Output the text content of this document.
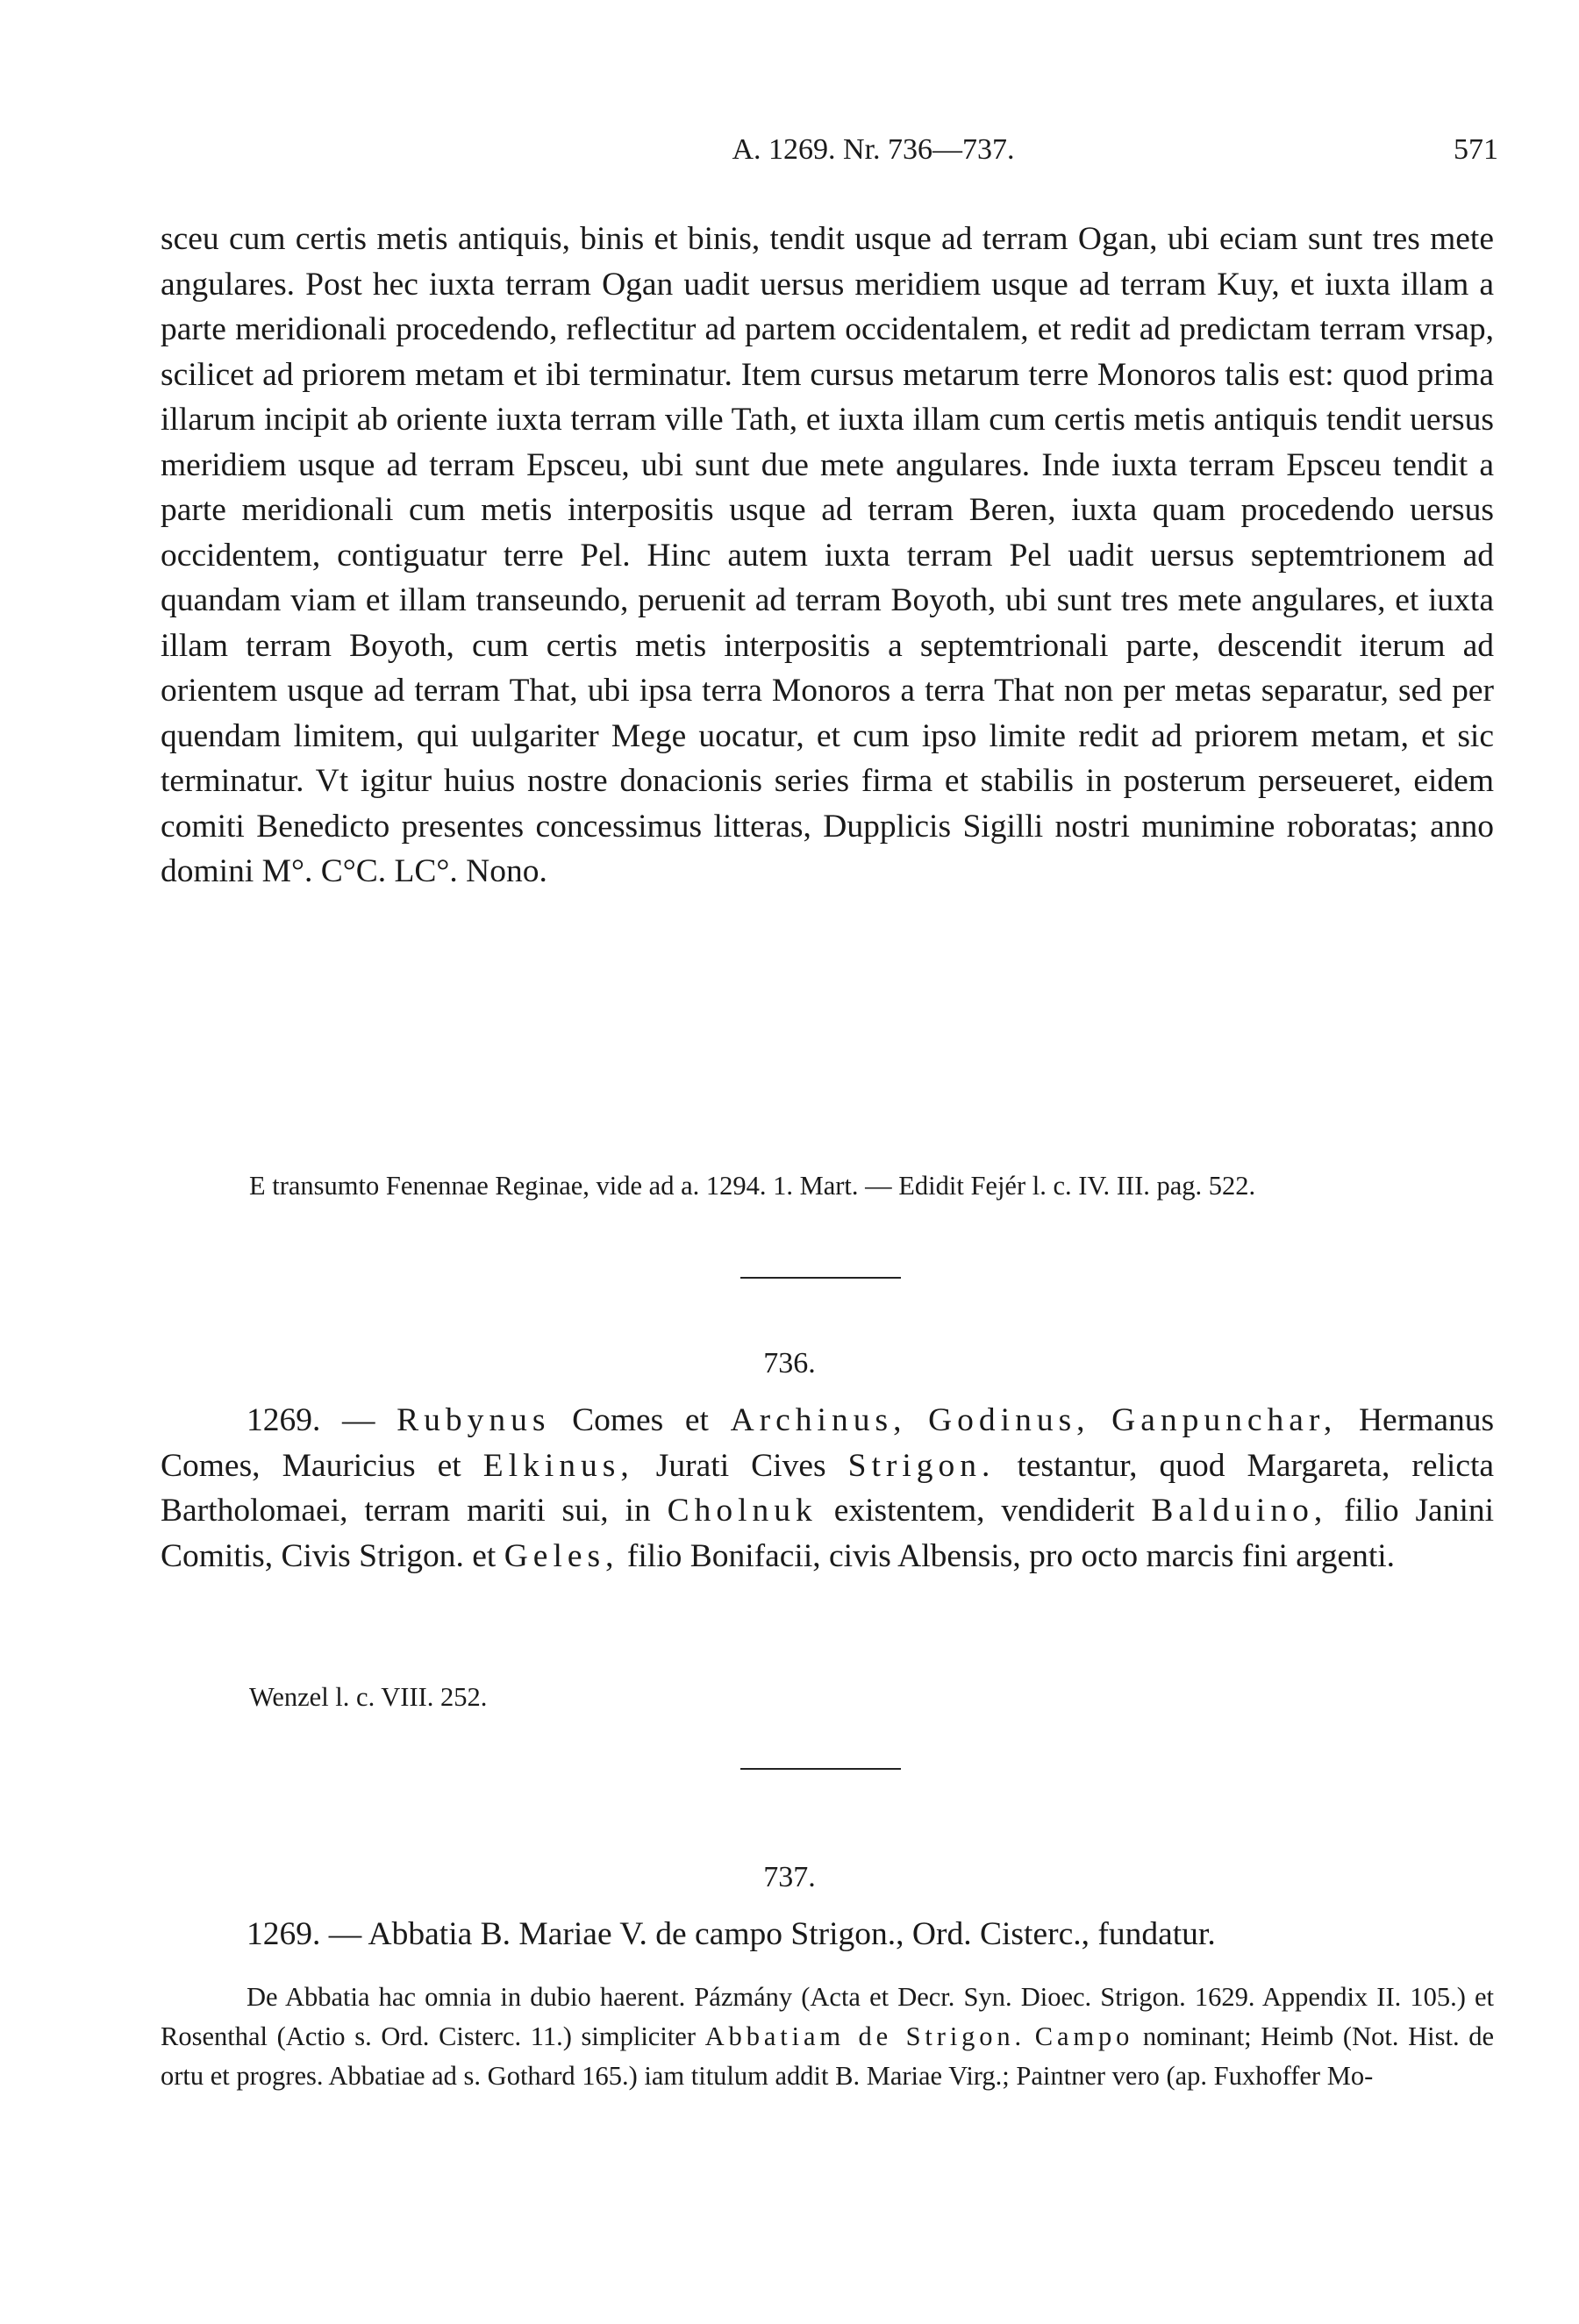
A. 1269. Nr. 736—737.	571

sceu cum certis metis antiquis, binis et binis, tendit usque ad terram Ogan, ubi eciam sunt tres mete angulares. Post hec iuxta terram Ogan uadit uersus meridiem usque ad terram Kuy, et iuxta illam a parte meridionali procedendo, reflectitur ad partem occidentalem, et redit ad predictam terram vrsap, scilicet ad priorem metam et ibi terminatur. Item cursus metarum terre Monoros talis est: quod prima illarum incipit ab oriente iuxta terram ville Tath, et iuxta illam cum certis metis antiquis tendit uersus meridiem usque ad terram Epsceu, ubi sunt due mete angulares. Inde iuxta terram Epsceu tendit a parte meridionali cum metis interpositis usque ad terram Beren, iuxta quam procedendo uersus occidentem, contiguatur terre Pel. Hinc autem iuxta terram Pel uadit uersus septemtrionem ad quandam viam et illam transeundo, peruenit ad terram Boyoth, ubi sunt tres mete angulares, et iuxta illam terram Boyoth, cum certis metis interpositis a septemtrionali parte, descendit iterum ad orientem usque ad terram That, ubi ipsa terra Monoros a terra That non per metas separatur, sed per quendam limitem, qui uulgariter Mege uocatur, et cum ipso limite redit ad priorem metam, et sic terminatur. Vt igitur huius nostre donacionis series firma et stabilis in posterum perseueret, eidem comiti Benedicto presentes concessimus litteras, Dupplicis Sigilli nostri munimine roboratas; anno domini M°. C°C. LC°. Nono.

E transumto Fenennae Reginae, vide ad a. 1294. 1. Mart. — Edidit Fejér l. c. IV. III. pag. 522.
736.
1269. — Rubynus Comes et Archinus, Godinus, Ganpunchar, Hermanus Comes, Mauricius et Elkinus, Jurati Cives Strigon. testantur, quod Margareta, relicta Bartholomaei, terram mariti sui, in Cholnuk existentem, vendiderit Balduino, filio Janini Comitis, Civis Strigon. et Geles, filio Bonifacii, civis Albensis, pro octo marcis fini argenti.
Wenzel l. c. VIII. 252.
737.
1269. — Abbatia B. Mariae V. de campo Strigon., Ord. Cisterc., fundatur.
De Abbatia hac omnia in dubio haerent. Pázmány (Acta et Decr. Syn. Dioec. Strigon. 1629. Appendix II. 105.) et Rosenthal (Actio s. Ord. Cisterc. 11.) simpliciter Abbatiam de Strigon. Campo nominant; Heimb (Not. Hist. de ortu et progres. Abbatiae ad s. Gothard 165.) iam titulum addit B. Mariae Virg.; Paintner vero (ap. Fuxhoffer Mo-
